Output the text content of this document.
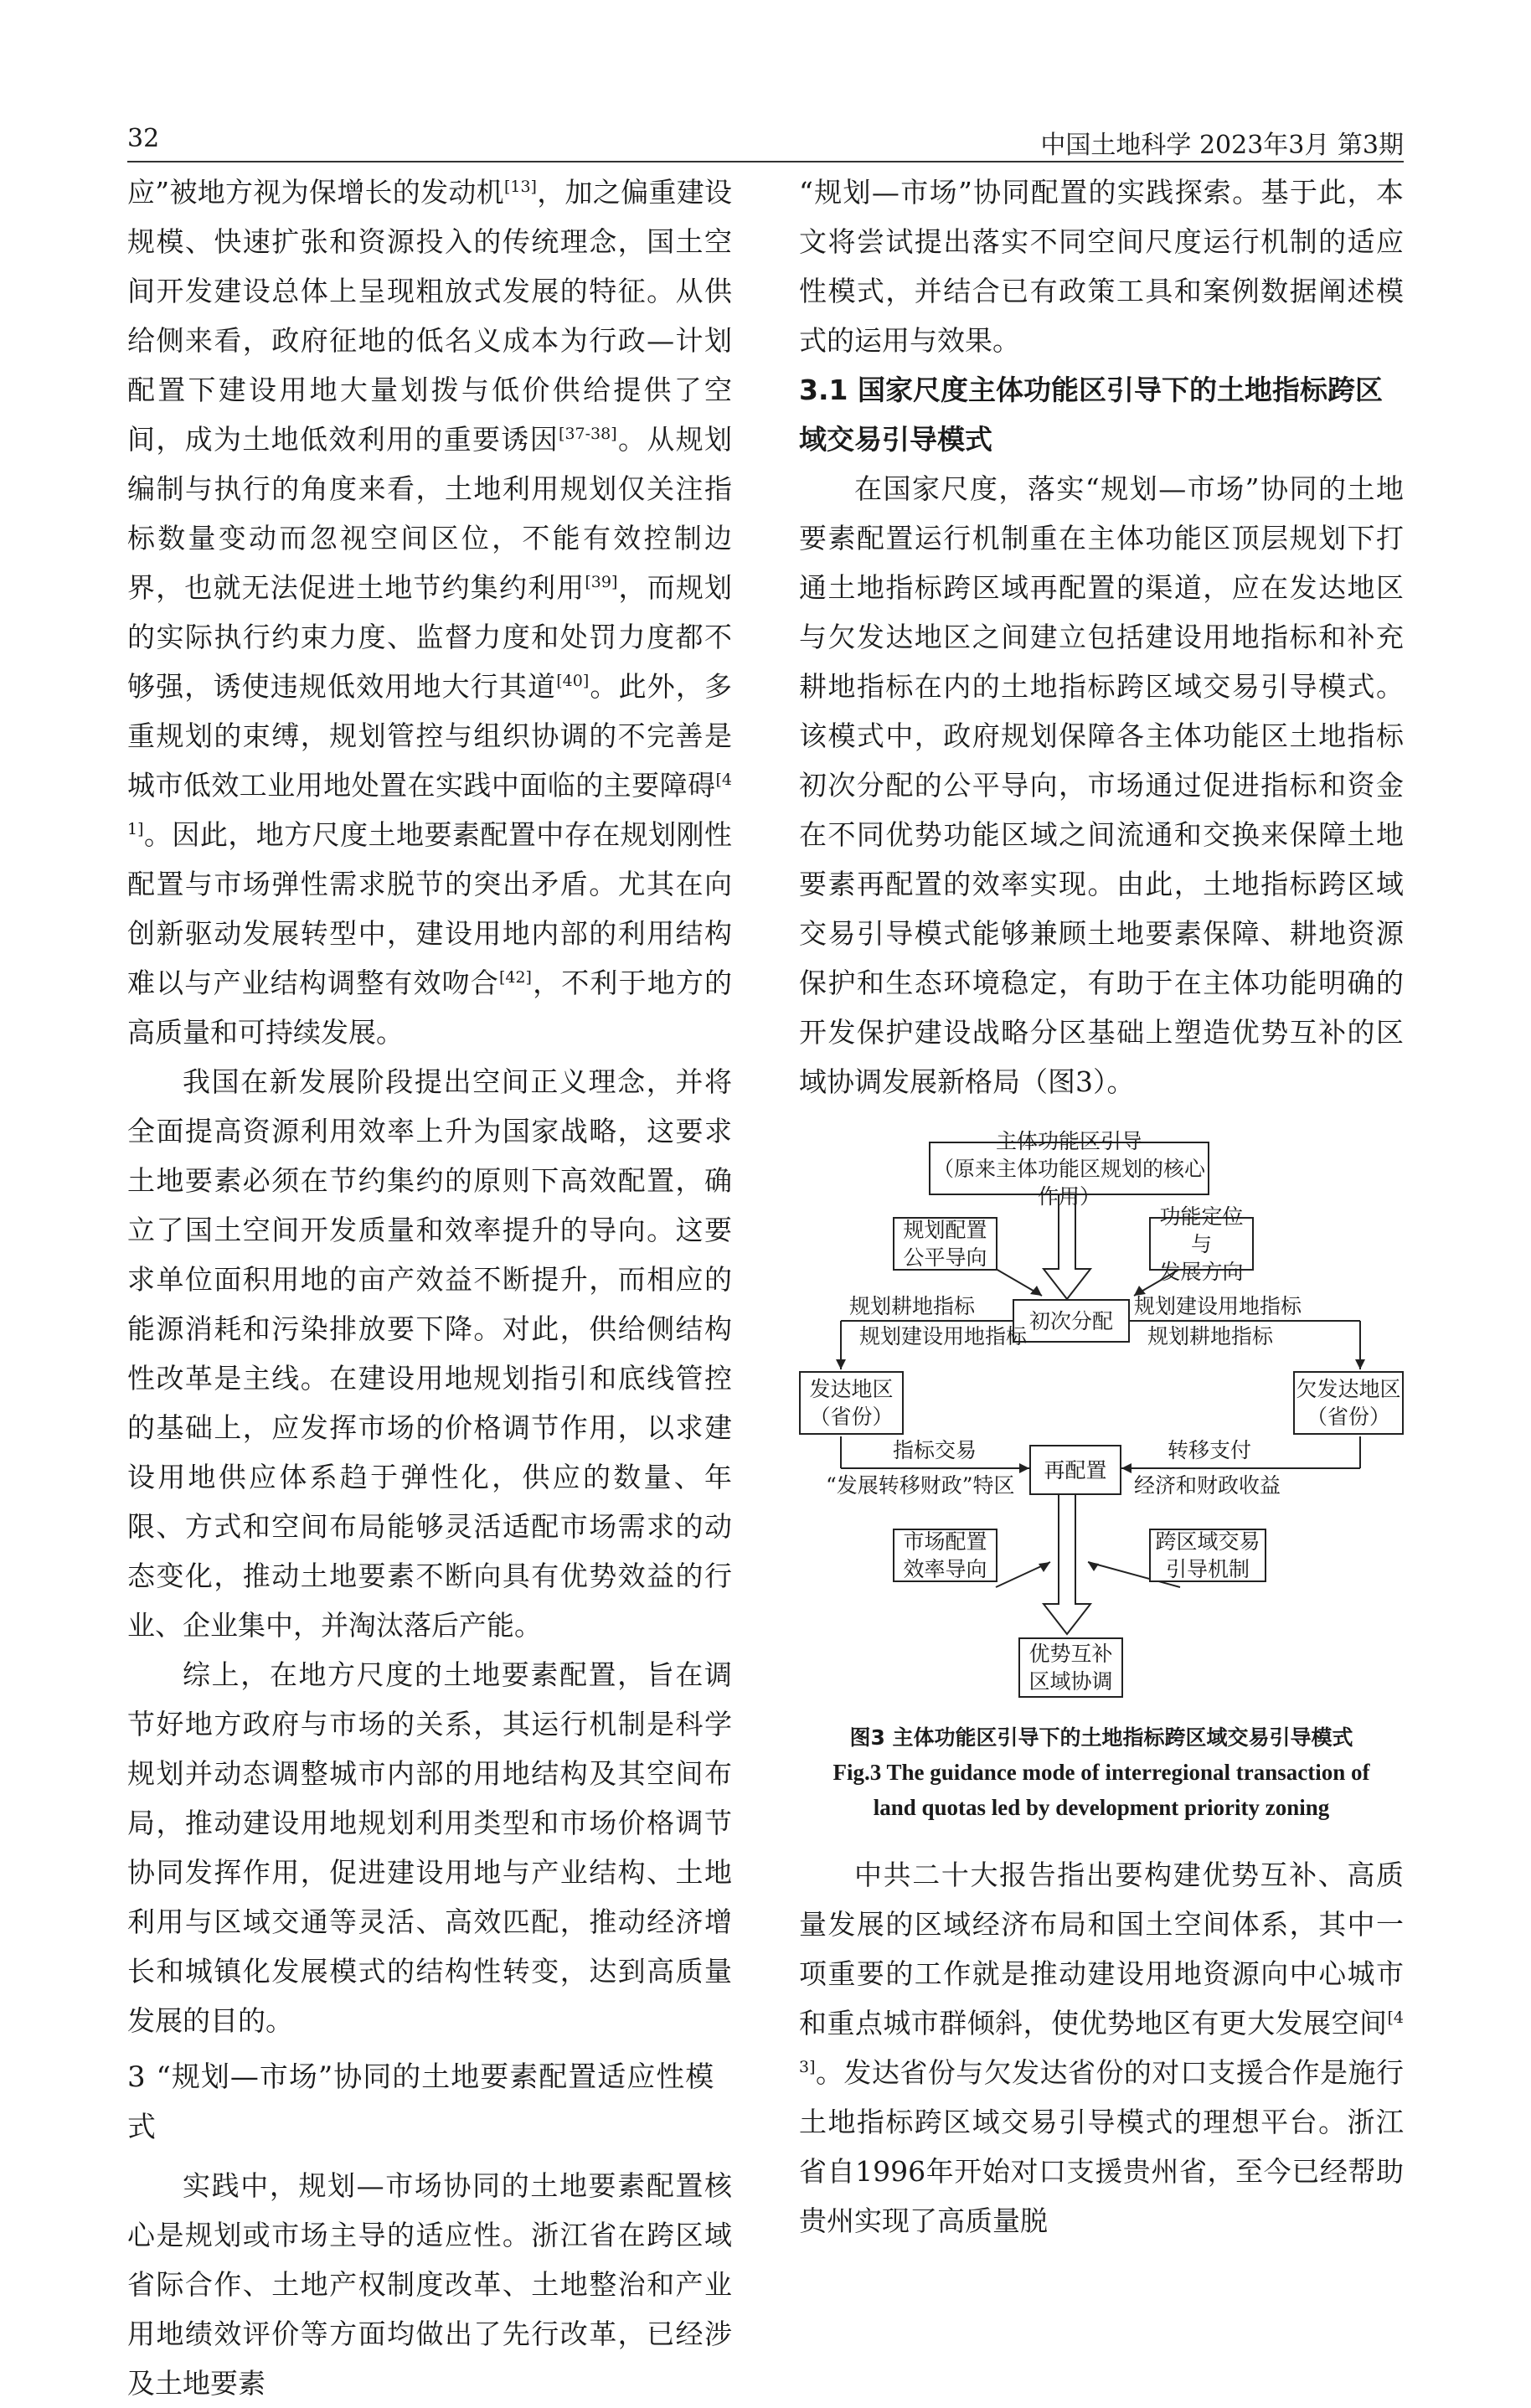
32	中国土地科学 2023年3月 第3期

应”被地方视为保增长的发动机[13]，加之偏重建设规模、快速扩张和资源投入的传统理念，国土空间开发建设总体上呈现粗放式发展的特征。从供给侧来看，政府征地的低名义成本为行政—计划配置下建设用地大量划拨与低价供给提供了空间，成为土地低效利用的重要诱因[37-38]。从规划编制与执行的角度来看，土地利用规划仅关注指标数量变动而忽视空间区位，不能有效控制边界，也就无法促进土地节约集约利用[39]，而规划的实际执行约束力度、监督力度和处罚力度都不够强，诱使违规低效用地大行其道[40]。此外，多重规划的束缚，规划管控与组织协调的不完善是城市低效工业用地处置在实践中面临的主要障碍[41]。因此，地方尺度土地要素配置中存在规划刚性配置与市场弹性需求脱节的突出矛盾。尤其在向创新驱动发展转型中，建设用地内部的利用结构难以与产业结构调整有效吻合[42]，不利于地方的高质量和可持续发展。

我国在新发展阶段提出空间正义理念，并将全面提高资源利用效率上升为国家战略，这要求土地要素必须在节约集约的原则下高效配置，确立了国土空间开发质量和效率提升的导向。这要求单位面积用地的亩产效益不断提升，而相应的能源消耗和污染排放要下降。对此，供给侧结构性改革是主线。在建设用地规划指引和底线管控的基础上，应发挥市场的价格调节作用，以求建设用地供应体系趋于弹性化，供应的数量、年限、方式和空间布局能够灵活适配市场需求的动态变化，推动土地要素不断向具有优势效益的行业、企业集中，并淘汰落后产能。

综上，在地方尺度的土地要素配置，旨在调节好地方政府与市场的关系，其运行机制是科学规划并动态调整城市内部的用地结构及其空间布局，推动建设用地规划利用类型和市场价格调节协同发挥作用，促进建设用地与产业结构、土地利用与区域交通等灵活、高效匹配，推动经济增长和城镇化发展模式的结构性转变，达到高质量发展的目的。

3 “规划—市场”协同的土地要素配置适应性模式

实践中，规划—市场协同的土地要素配置核心是规划或市场主导的适应性。浙江省在跨区域省际合作、土地产权制度改革、土地整治和产业用地绩效评价等方面均做出了先行改革，已经涉及土地要素

“规划—市场”协同配置的实践探索。基于此，本文将尝试提出落实不同空间尺度运行机制的适应性模式，并结合已有政策工具和案例数据阐述模式的运用与效果。

3.1 国家尺度主体功能区引导下的土地指标跨区域交易引导模式

在国家尺度，落实“规划—市场”协同的土地要素配置运行机制重在主体功能区顶层规划下打通土地指标跨区域再配置的渠道，应在发达地区与欠发达地区之间建立包括建设用地指标和补充耕地指标在内的土地指标跨区域交易引导模式。该模式中，政府规划保障各主体功能区土地指标初次分配的公平导向，市场通过促进指标和资金在不同优势功能区域之间流通和交换来保障土地要素再配置的效率实现。由此，土地指标跨区域交易引导模式能够兼顾土地要素保障、耕地资源保护和生态环境稳定，有助于在主体功能明确的开发保护建设战略分区基础上塑造优势互补的区域协调发展新格局（图3）。

主体功能区引导
（原来主体功能区规划的核心作用）
规划配置
公平导向
功能定位与
发展方向
初次分配
规划耕地指标
规划建设用地指标
规划建设用地指标
规划耕地指标
发达地区
（省份）
欠发达地区
（省份）
再配置
指标交易
“发展转移财政”特区
转移支付
经济和财政收益
市场配置
效率导向
跨区域交易
引导机制
优势互补
区域协调
图3 主体功能区引导下的土地指标跨区域交易引导模式
Fig.3 The guidance mode of interregional transaction of
land quotas led by development priority zoning

中共二十大报告指出要构建优势互补、高质量发展的区域经济布局和国土空间体系，其中一项重要的工作就是推动建设用地资源向中心城市和重点城市群倾斜，使优势地区有更大发展空间[43]。发达省份与欠发达省份的对口支援合作是施行土地指标跨区域交易引导模式的理想平台。浙江省自1996年开始对口支援贵州省，至今已经帮助贵州实现了高质量脱
